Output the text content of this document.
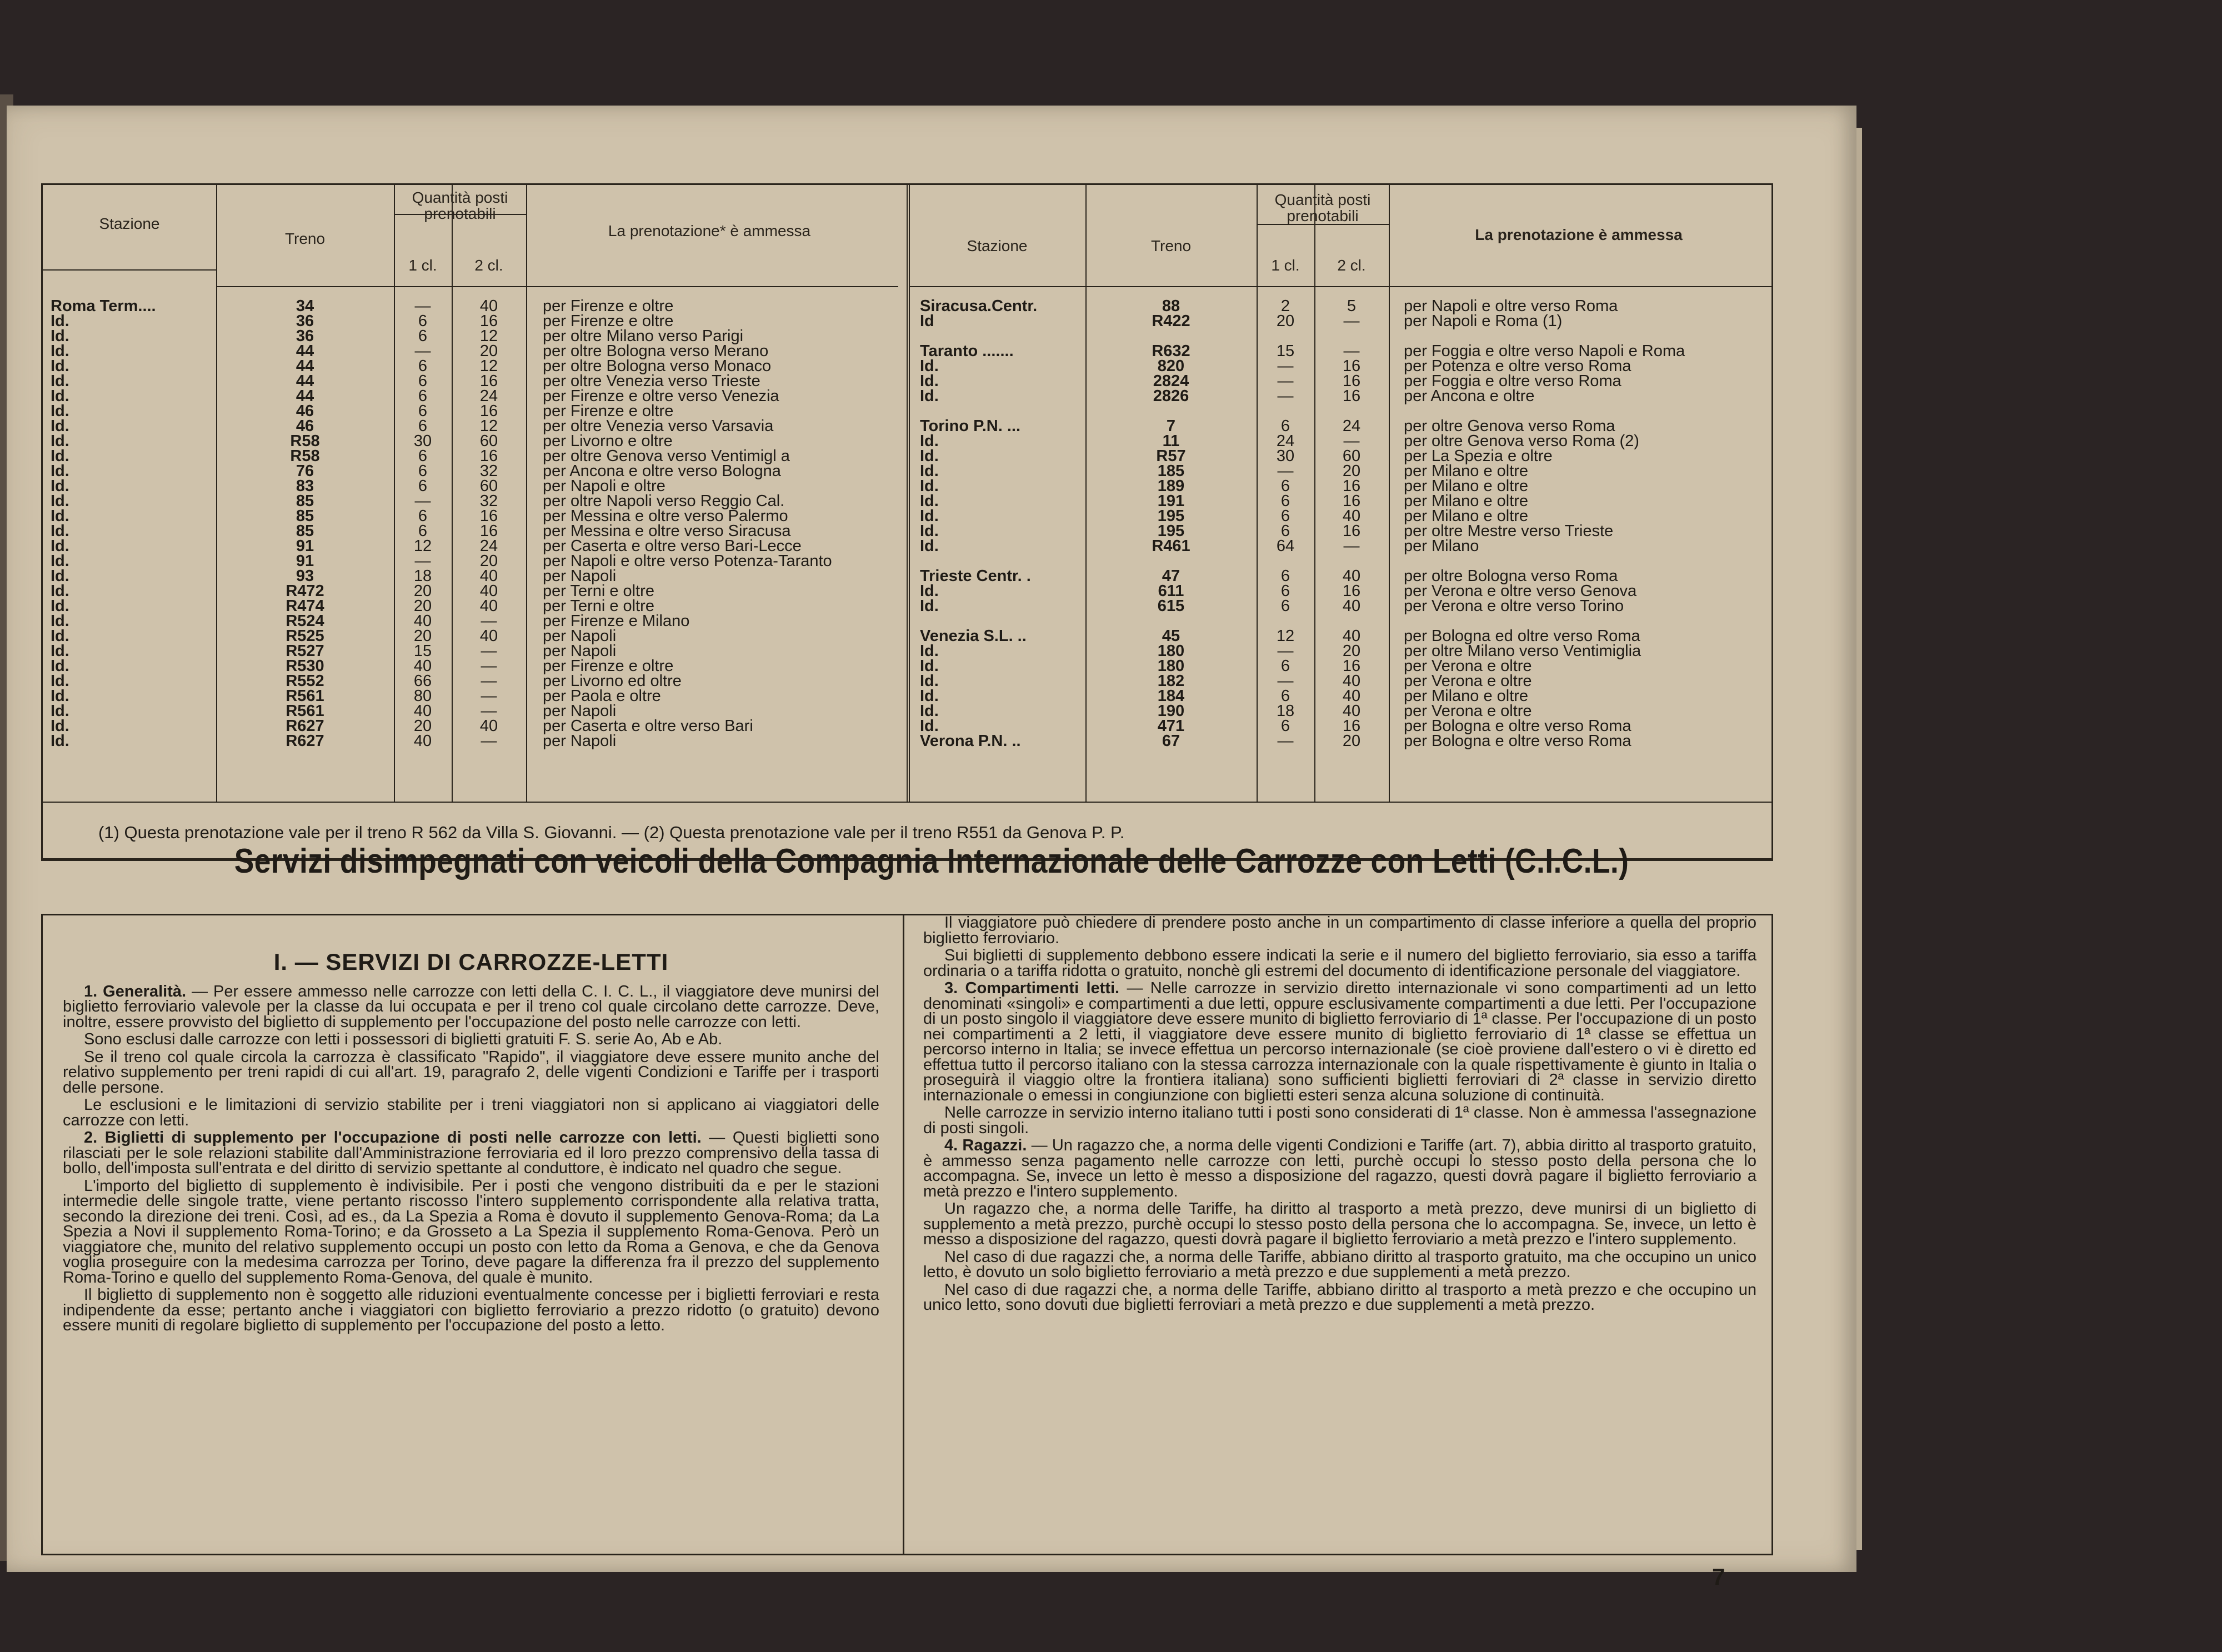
Stazione
Treno
Quantità posti prenotabili
1 cl.	2 cl.
La prenotazione* è ammessa
Roma Term....	34	—	40	per Firenze e oltre
Id.	36	6	16	per Firenze e oltre
Id.	36	6	12	per oltre Milano verso Parigi
Id.	44	—	20	per oltre Bologna verso Merano
Id.	44	6	12	per oltre Bologna verso Monaco
Id.	44	6	16	per oltre Venezia verso Trieste
Id.	44	6	24	per Firenze e oltre verso Venezia
Id.	46	6	16	per Firenze e oltre
Id.	46	6	12	per oltre Venezia verso Varsavia
Id.	R58	30	60	per Livorno e oltre
Id.	R58	6	16	per oltre Genova verso Ventimigl a
Id.	76	6	32	per Ancona e oltre verso Bologna
Id.	83	6	60	per Napoli e oltre
Id.	85	—	32	per oltre Napoli verso Reggio Cal.
Id.	85	6	16	per Messina e oltre verso Palermo
Id.	85	6	16	per Messina e oltre verso Siracusa
Id.	91	12	24	per Caserta e oltre verso Bari-Lecce
Id.	91	—	20	per Napoli e oltre verso Potenza-Taranto
Id.	93	18	40	per Napoli
Id.	R472	20	40	per Terni e oltre
Id.	R474	20	40	per Terni e oltre
Id.	R524	40	—	per Firenze e Milano
Id.	R525	20	40	per Napoli
Id.	R527	15	—	per Napoli
Id.	R530	40	—	per Firenze e oltre
Id.	R552	66	—	per Livorno ed oltre
Id.	R561	80	—	per Paola e oltre
Id.	R561	40	—	per Napoli
Id.	R627	20	40	per Caserta e oltre verso Bari
Id.	R627	40	—	per Napoli
Stazione	Treno
Quantità posti prenotabili
1 cl.	2 cl.
La prenotazione è ammessa
Siracusa.Centr.	88	2	5	per Napoli e oltre verso Roma
Id	R422	20	—	per Napoli e Roma (1)
Taranto .......	R632	15	—	per Foggia e oltre verso Napoli e Roma
Id.	820	—	16	per Potenza e oltre verso Roma
Id.	2824	—	16	per Foggia e oltre verso Roma
Id.	2826	—	16	per Ancona e oltre
Torino P.N. ...	7	6	24	per oltre Genova verso Roma
Id.	11	24	—	per oltre Genova verso Roma (2)
Id.	R57	30	60	per La Spezia e oltre
Id.	185	—	20	per Milano e oltre
Id.	189	6	16	per Milano e oltre
Id.	191	6	16	per Milano e oltre
Id.	195	6	40	per Milano e oltre
Id.	195	6	16	per oltre Mestre verso Trieste
Id.	R461	64	—	per Milano
Trieste Centr. .	47	6	40	per oltre Bologna verso Roma
Id.	611	6	16	per Verona e oltre verso Genova
Id.	615	6	40	per Verona e oltre verso Torino
Venezia S.L. ..	45	12	40	per Bologna ed oltre verso Roma
Id.	180	—	20	per oltre Milano verso Ventimiglia
Id.	180	6	16	per Verona e oltre
Id.	182	—	40	per Verona e oltre
Id.	184	6	40	per Milano e oltre
Id.	190	18	40	per Verona e oltre
Id.	471	6	16	per Bologna e oltre verso Roma
Verona P.N. ..	67	—	20	per Bologna e oltre verso Roma
(1) Questa prenotazione vale per il treno R 562 da Villa S. Giovanni. — (2) Questa prenotazione vale per il treno R551 da Genova P. P.
Servizi disimpegnati con veicoli della Compagnia Internazionale delle Carrozze con Letti (C.I.C.L.)
I. — SERVIZI DI CARROZZE-LETTI

1. Generalità. — Per essere ammesso nelle carrozze con letti della C. I. C. L., il viaggiatore deve munirsi del biglietto ferroviario valevole per la classe da lui occupata e per il treno col quale circolano dette carrozze. Deve, inoltre, essere provvisto del biglietto di supplemento per l'occupazione del posto nelle carrozze con letti.

Sono esclusi dalle carrozze con letti i possessori di biglietti gratuiti F. S. serie Ao, Ab e Ab.

Se il treno col quale circola la carrozza è classificato "Rapido", il viaggiatore deve essere munito anche del relativo supplemento per treni rapidi di cui all'art. 19, paragrafo 2, delle vigenti Condizioni e Tariffe per i trasporti delle persone.

Le esclusioni e le limitazioni di servizio stabilite per i treni viaggiatori non si applicano ai viaggiatori delle carrozze con letti.

2. Biglietti di supplemento per l'occupazione di posti nelle carrozze con letti. — Questi biglietti sono rilasciati per le sole relazioni stabilite dall'Amministrazione ferroviaria ed il loro prezzo comprensivo della tassa di bollo, dell'imposta sull'entrata e del diritto di servizio spettante al conduttore, è indicato nel quadro che segue.

L'importo del biglietto di supplemento è indivisibile. Per i posti che vengono distribuiti da e per le stazioni intermedie delle singole tratte, viene pertanto riscosso l'intero supplemento corrispondente alla relativa tratta, secondo la direzione dei treni. Così, ad es., da La Spezia a Roma è dovuto il supplemento Genova-Roma; da La Spezia a Novi il supplemento Roma-Torino; e da Grosseto a La Spezia il supplemento Roma-Genova. Però un viaggiatore che, munito del relativo supplemento occupi un posto con letto da Roma a Genova, e che da Genova voglia proseguire con la medesima carrozza per Torino, deve pagare la differenza fra il prezzo del supplemento Roma-Torino e quello del supplemento Roma-Genova, del quale è munito.

Il biglietto di supplemento non è soggetto alle riduzioni eventualmente concesse per i biglietti ferroviari e resta indipendente da esse; pertanto anche i viaggiatori con biglietto ferroviario a prezzo ridotto (o gratuito) devono essere muniti di regolare biglietto di supplemento per l'occupazione del posto a letto.

Il viaggiatore può chiedere di prendere posto anche in un compartimento di classe inferiore a quella del proprio biglietto ferroviario.

Sui biglietti di supplemento debbono essere indicati la serie e il numero del biglietto ferroviario, sia esso a tariffa ordinaria o a tariffa ridotta o gratuito, nonchè gli estremi del documento di identificazione personale del viaggiatore.

3. Compartimenti letti. — Nelle carrozze in servizio diretto internazionale vi sono compartimenti ad un letto denominati «singoli» e compartimenti a due letti, oppure esclusivamente compartimenti a due letti. Per l'occupazione di un posto singolo il viaggiatore deve essere munito di biglietto ferroviario di 1ª classe. Per l'occupazione di un posto nei compartimenti a 2 letti, il viaggiatore deve essere munito di biglietto ferroviario di 1ª classe se effettua un percorso interno in Italia; se invece effettua un percorso internazionale (se cioè proviene dall'estero o vi è diretto ed effettua tutto il percorso italiano con la stessa carrozza internazionale con la quale rispettivamente è giunto in Italia o proseguirà il viaggio oltre la frontiera italiana) sono sufficienti biglietti ferroviari di 2ª classe in servizio diretto internazionale o emessi in congiunzione con biglietti esteri senza alcuna soluzione di continuità.

Nelle carrozze in servizio interno italiano tutti i posti sono considerati di 1ª classe. Non è ammessa l'assegnazione di posti singoli.

4. Ragazzi. — Un ragazzo che, a norma delle vigenti Condizioni e Tariffe (art. 7), abbia diritto al trasporto gratuito, è ammesso senza pagamento nelle carrozze con letti, purchè occupi lo stesso posto della persona che lo accompagna. Se, invece un letto è messo a disposizione del ragazzo, questi dovrà pagare il biglietto ferroviario a metà prezzo e l'intero supplemento.

Un ragazzo che, a norma delle Tariffe, ha diritto al trasporto a metà prezzo, deve munirsi di un biglietto di supplemento a metà prezzo, purchè occupi lo stesso posto della persona che lo accompagna. Se, invece, un letto è messo a disposizione del ragazzo, questi dovrà pagare il biglietto ferroviario a metà prezzo e l'intero supplemento.

Nel caso di due ragazzi che, a norma delle Tariffe, abbiano diritto al trasporto gratuito, ma che occupino un unico letto, è dovuto un solo biglietto ferroviario a metà prezzo e due supplementi a metà prezzo.

Nel caso di due ragazzi che, a norma delle Tariffe, abbiano diritto al trasporto a metà prezzo e che occupino un unico letto, sono dovuti due biglietti ferroviari a metà prezzo e due supplementi a metà prezzo.

7
